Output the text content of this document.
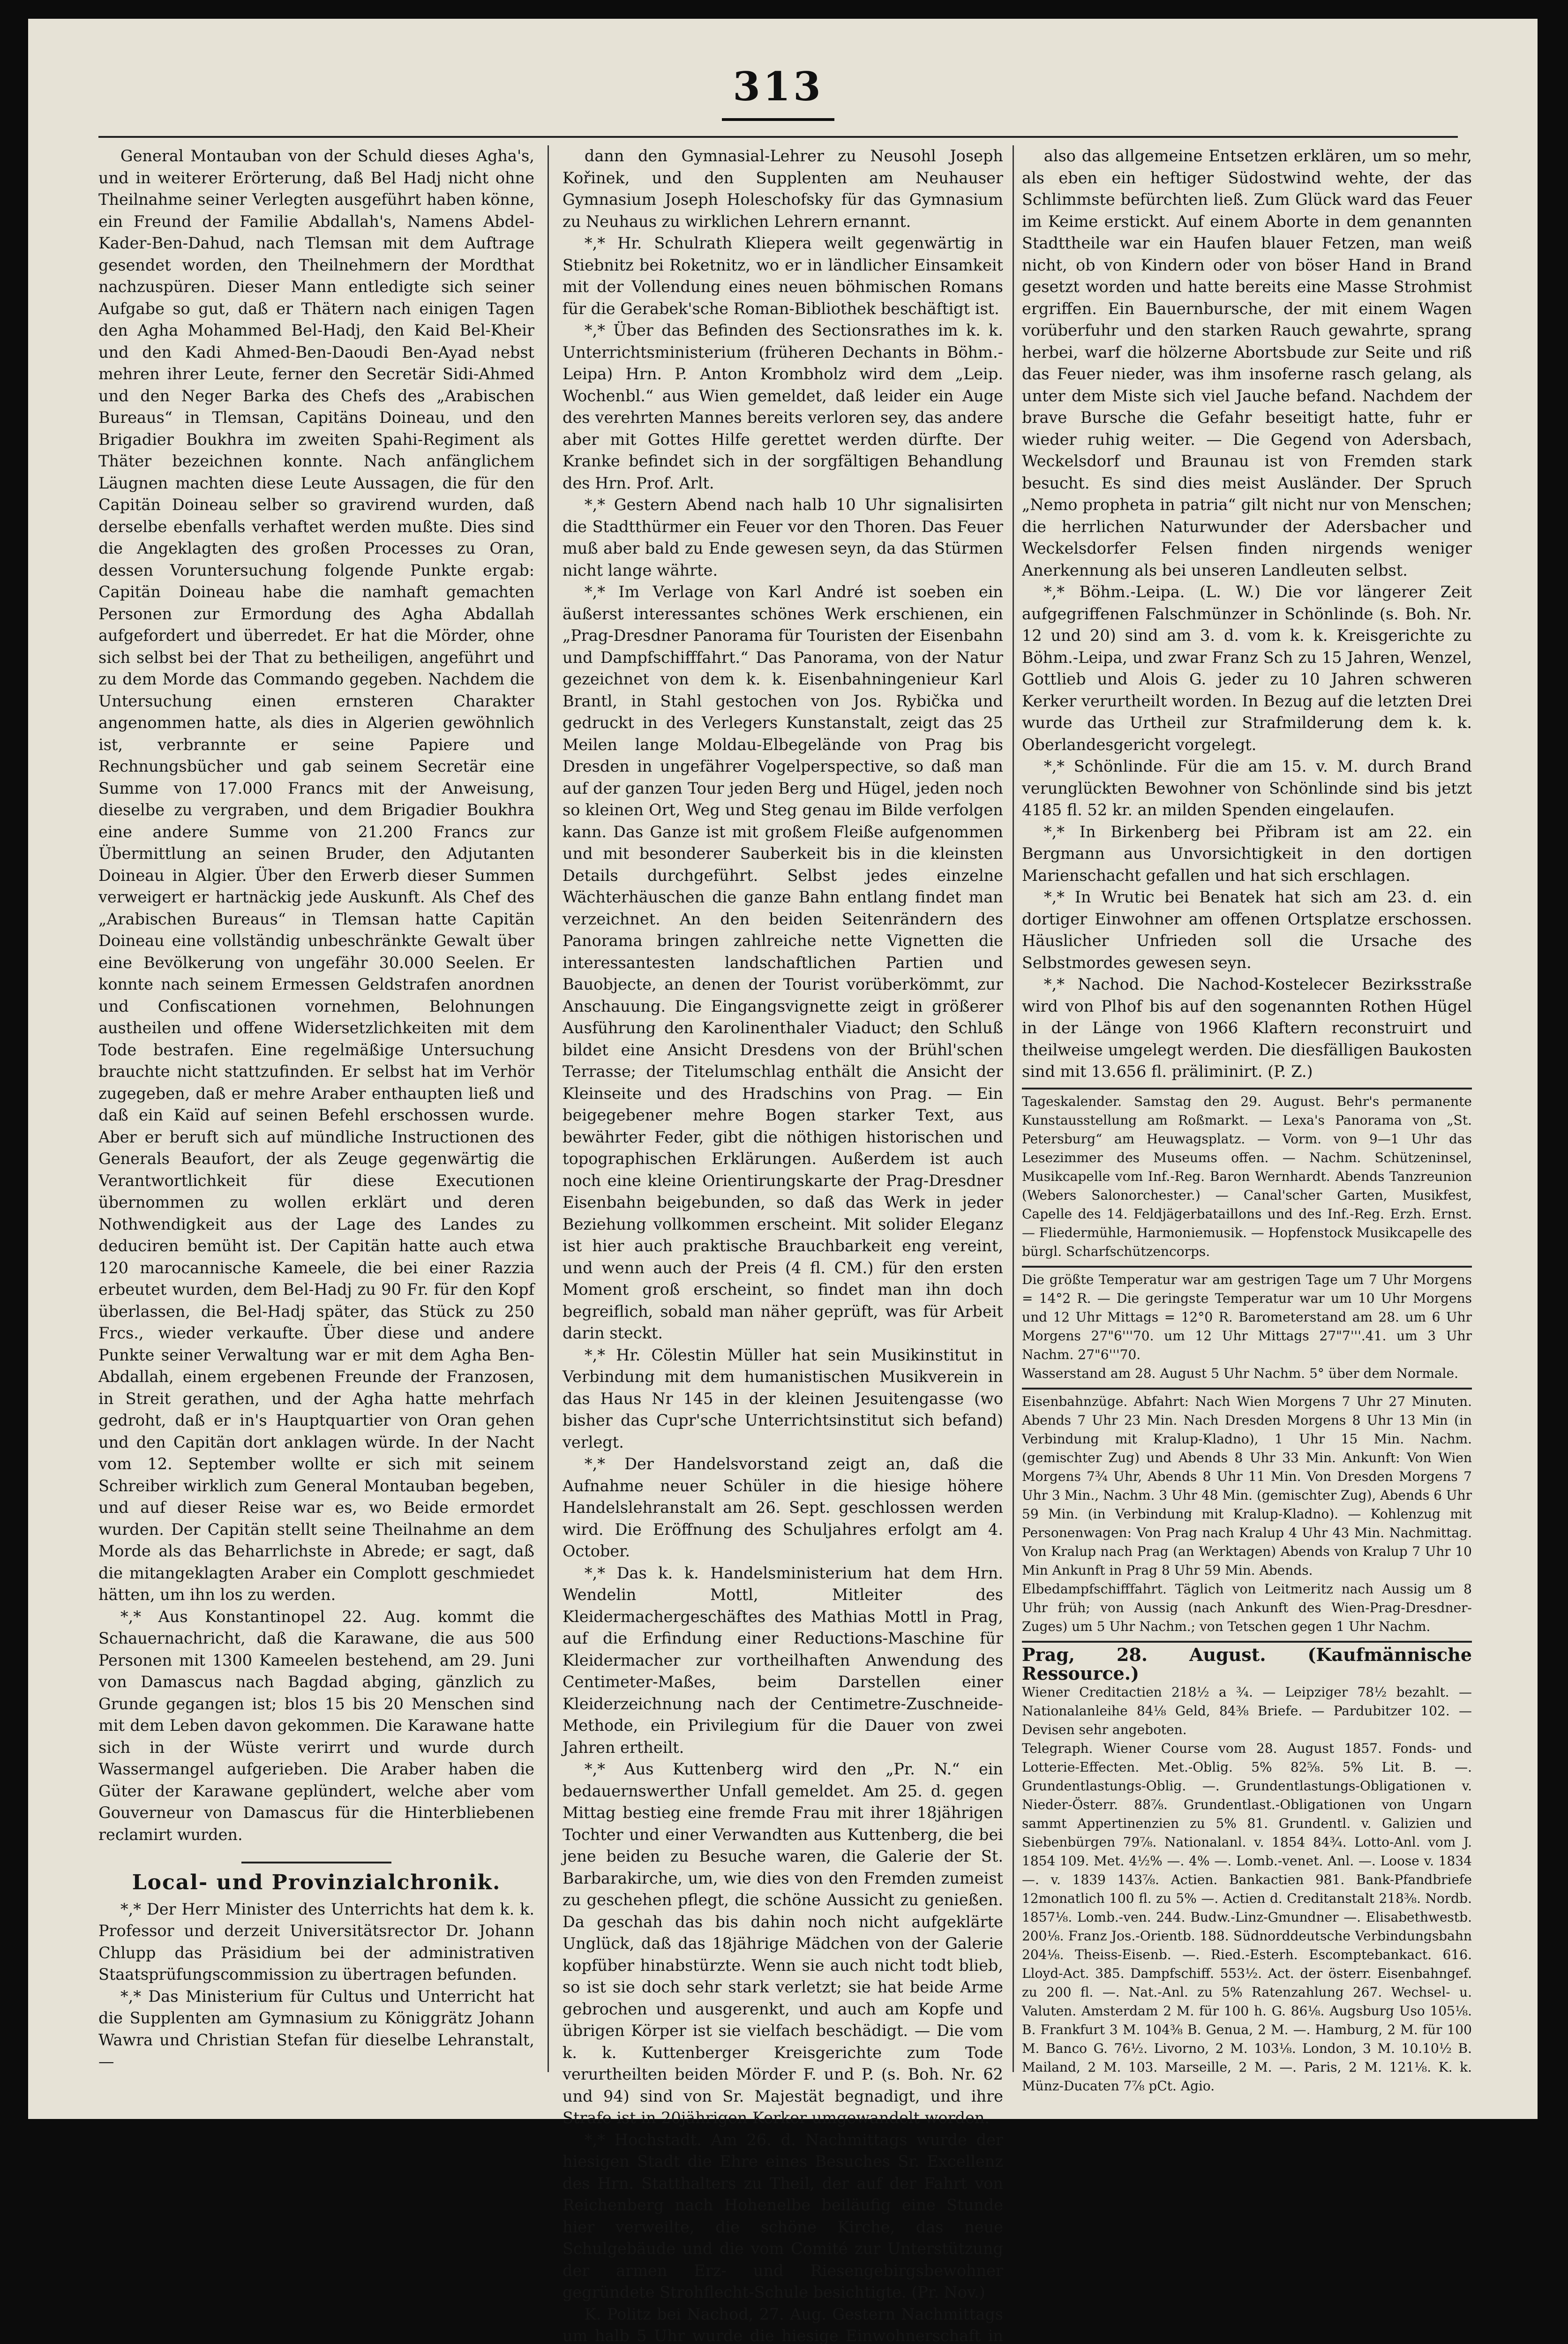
313

General Montauban von der Schuld dieses Agha's, und in weiterer Erörterung, daß Bel Hadj nicht ohne Theilnahme seiner Verlegten ausgeführt haben könne, ein Freund der Familie Abdallah's, Namens Abdel-Kader-Ben-Dahud, nach Tlemsan mit dem Auftrage gesendet worden, den Theilnehmern der Mordthat nachzuspüren. Dieser Mann entledigte sich seiner Aufgabe so gut, daß er Thätern nach einigen Tagen den Agha Mohammed Bel-Hadj, den Kaid Bel-Kheir und den Kadi Ahmed-Ben-Daoudi Ben-Ayad nebst mehren ihrer Leute, ferner den Secretär Sidi-Ahmed und den Neger Barka des Chefs des „Arabischen Bureaus“ in Tlemsan, Capitäns Doineau, und den Brigadier Boukhra im zweiten Spahi-Regiment als Thäter bezeichnen konnte. Nach anfänglichem Läugnen machten diese Leute Aussagen, die für den Capitän Doineau selber so gravirend wurden, daß derselbe ebenfalls verhaftet werden mußte. Dies sind die Angeklagten des großen Processes zu Oran, dessen Voruntersuchung folgende Punkte ergab: Capitän Doineau habe die namhaft gemachten Personen zur Ermordung des Agha Abdallah aufgefordert und überredet. Er hat die Mörder, ohne sich selbst bei der That zu betheiligen, angeführt und zu dem Morde das Commando gegeben. Nachdem die Untersuchung einen ernsteren Charakter angenommen hatte, als dies in Algerien gewöhnlich ist, verbrannte er seine Papiere und Rechnungsbücher und gab seinem Secretär eine Summe von 17.000 Francs mit der Anweisung, dieselbe zu vergraben, und dem Brigadier Boukhra eine andere Summe von 21.200 Francs zur Übermittlung an seinen Bruder, den Adjutanten Doineau in Algier. Über den Erwerb dieser Summen verweigert er hartnäckig jede Auskunft. Als Chef des „Arabischen Bureaus“ in Tlemsan hatte Capitän Doineau eine vollständig unbeschränkte Gewalt über eine Bevölkerung von ungefähr 30.000 Seelen. Er konnte nach seinem Ermessen Geldstrafen anordnen und Confiscationen vornehmen, Belohnungen austheilen und offene Widersetzlichkeiten mit dem Tode bestrafen. Eine regelmäßige Untersuchung brauchte nicht stattzufinden. Er selbst hat im Verhör zugegeben, daß er mehre Araber enthaupten ließ und daß ein Kaïd auf seinen Befehl erschossen wurde. Aber er beruft sich auf mündliche Instructionen des Generals Beaufort, der als Zeuge gegenwärtig die Verantwortlichkeit für diese Executionen übernommen zu wollen erklärt und deren Nothwendigkeit aus der Lage des Landes zu deduciren bemüht ist. Der Capitän hatte auch etwa 120 marocannische Kameele, die bei einer Razzia erbeutet wurden, dem Bel-Hadj zu 90 Fr. für den Kopf überlassen, die Bel-Hadj später, das Stück zu 250 Frcs., wieder verkaufte. Über diese und andere Punkte seiner Verwaltung war er mit dem Agha Ben-Abdallah, einem ergebenen Freunde der Franzosen, in Streit gerathen, und der Agha hatte mehrfach gedroht, daß er in's Hauptquartier von Oran gehen und den Capitän dort anklagen würde. In der Nacht vom 12. September wollte er sich mit seinem Schreiber wirklich zum General Montauban begeben, und auf dieser Reise war es, wo Beide ermordet wurden. Der Capitän stellt seine Theilnahme an dem Morde als das Beharrlichste in Abrede; er sagt, daß die mitangeklagten Araber ein Complott geschmiedet hätten, um ihn los zu werden.

*,* Aus Konstantinopel 22. Aug. kommt die Schauernachricht, daß die Karawane, die aus 500 Personen mit 1300 Kameelen bestehend, am 29. Juni von Damascus nach Bagdad abging, gänzlich zu Grunde gegangen ist; blos 15 bis 20 Menschen sind mit dem Leben davon gekommen. Die Karawane hatte sich in der Wüste verirrt und wurde durch Wassermangel aufgerieben. Die Araber haben die Güter der Karawane geplündert, welche aber vom Gouverneur von Damascus für die Hinterbliebenen reclamirt wurden.

Local- und Provinzialchronik.

*,* Der Herr Minister des Unterrichts hat dem k. k. Professor und derzeit Universitätsrector Dr. Johann Chlupp das Präsidium bei der administrativen Staatsprüfungscommission zu übertragen befunden.

*,* Das Ministerium für Cultus und Unterricht hat die Supplenten am Gymnasium zu Königgrätz Johann Wawra und Christian Stefan für dieselbe Lehranstalt, —

dann den Gymnasial-Lehrer zu Neusohl Joseph Kořinek, und den Supplenten am Neuhauser Gymnasium Joseph Holeschofsky für das Gymnasium zu Neuhaus zu wirklichen Lehrern ernannt.

*,* Hr. Schulrath Kliepera weilt gegenwärtig in Stiebnitz bei Roketnitz, wo er in ländlicher Einsamkeit mit der Vollendung eines neuen böhmischen Romans für die Gerabek'sche Roman-Bibliothek beschäftigt ist.

*,* Über das Befinden des Sectionsrathes im k. k. Unterrichtsministerium (früheren Dechants in Böhm.-Leipa) Hrn. P. Anton Krombholz wird dem „Leip. Wochenbl.“ aus Wien gemeldet, daß leider ein Auge des verehrten Mannes bereits verloren sey, das andere aber mit Gottes Hilfe gerettet werden dürfte. Der Kranke befindet sich in der sorgfältigen Behandlung des Hrn. Prof. Arlt.

*,* Gestern Abend nach halb 10 Uhr signalisirten die Stadtthürmer ein Feuer vor den Thoren. Das Feuer muß aber bald zu Ende gewesen seyn, da das Stürmen nicht lange währte.

*,* Im Verlage von Karl André ist soeben ein äußerst interessantes schönes Werk erschienen, ein „Prag-Dresdner Panorama für Touristen der Eisenbahn und Dampfschifffahrt.“ Das Panorama, von der Natur gezeichnet von dem k. k. Eisenbahningenieur Karl Brantl, in Stahl gestochen von Jos. Rybička und gedruckt in des Verlegers Kunstanstalt, zeigt das 25 Meilen lange Moldau-Elbegelände von Prag bis Dresden in ungefährer Vogelperspective, so daß man auf der ganzen Tour jeden Berg und Hügel, jeden noch so kleinen Ort, Weg und Steg genau im Bilde verfolgen kann. Das Ganze ist mit großem Fleiße aufgenommen und mit besonderer Sauberkeit bis in die kleinsten Details durchgeführt. Selbst jedes einzelne Wächterhäuschen die ganze Bahn entlang findet man verzeichnet. An den beiden Seitenrändern des Panorama bringen zahlreiche nette Vignetten die interessantesten landschaftlichen Partien und Bauobjecte, an denen der Tourist vorüberkömmt, zur Anschauung. Die Eingangsvignette zeigt in größerer Ausführung den Karolinenthaler Viaduct; den Schluß bildet eine Ansicht Dresdens von der Brühl'schen Terrasse; der Titelumschlag enthält die Ansicht der Kleinseite und des Hradschins von Prag. — Ein beigegebener mehre Bogen starker Text, aus bewährter Feder, gibt die nöthigen historischen und topographischen Erklärungen. Außerdem ist auch noch eine kleine Orientirungskarte der Prag-Dresdner Eisenbahn beigebunden, so daß das Werk in jeder Beziehung vollkommen erscheint. Mit solider Eleganz ist hier auch praktische Brauchbarkeit eng vereint, und wenn auch der Preis (4 fl. CM.) für den ersten Moment groß erscheint, so findet man ihn doch begreiflich, sobald man näher geprüft, was für Arbeit darin steckt.

*,* Hr. Cölestin Müller hat sein Musikinstitut in Verbindung mit dem humanistischen Musikverein in das Haus Nr 145 in der kleinen Jesuitengasse (wo bisher das Cupr'sche Unterrichtsinstitut sich befand) verlegt.

*,* Der Handelsvorstand zeigt an, daß die Aufnahme neuer Schüler in die hiesige höhere Handelslehranstalt am 26. Sept. geschlossen werden wird. Die Eröffnung des Schuljahres erfolgt am 4. October.

*,* Das k. k. Handelsministerium hat dem Hrn. Wendelin Mottl, Mitleiter des Kleidermachergeschäftes des Mathias Mottl in Prag, auf die Erfindung einer Reductions-Maschine für Kleidermacher zur vortheilhaften Anwendung des Centimeter-Maßes, beim Darstellen einer Kleiderzeichnung nach der Centimetre-Zuschneide-Methode, ein Privilegium für die Dauer von zwei Jahren ertheilt.

*,* Aus Kuttenberg wird den „Pr. N.“ ein bedauernswerther Unfall gemeldet. Am 25. d. gegen Mittag bestieg eine fremde Frau mit ihrer 18jährigen Tochter und einer Verwandten aus Kuttenberg, die bei jene beiden zu Besuche waren, die Galerie der St. Barbarakirche, um, wie dies von den Fremden zumeist zu geschehen pflegt, die schöne Aussicht zu genießen. Da geschah das bis dahin noch nicht aufgeklärte Unglück, daß das 18jährige Mädchen von der Galerie kopfüber hinabstürzte. Wenn sie auch nicht todt blieb, so ist sie doch sehr stark verletzt; sie hat beide Arme gebrochen und ausgerenkt, und auch am Kopfe und übrigen Körper ist sie vielfach beschädigt. — Die vom k. k. Kuttenberger Kreisgerichte zum Tode verurtheilten beiden Mörder F. und P. (s. Boh. Nr. 62 und 94) sind von Sr. Majestät begnadigt, und ihre Strafe ist in 20jährigen Kerker umgewandelt worden.

*,* Hochstadt. Am 26. d. Nachmittags wurde der hiesigen Stadt die Ehre eines Besuches Sr. Excellenz des Hrn. Statthalters zu Theil, der auf der Fahrt von Reichenberg nach Hohenelbe beiläufig eine Stunde hier verweilte, die schöne Kirche, das neue Schulgebäude und die vom Comité zur Unterstützung der armen Erz- und Riesengebirgsbewohner gegründete Strohflecht-Schule besichtigte. (Pr. Nov.)

K. Politz bei Nachod, 27. Aug. Gestern Nachmittags um halb 5 Uhr wurde die hiesige Einwohnerschaft in

also das allgemeine Entsetzen erklären, um so mehr, als eben ein heftiger Südostwind wehte, der das Schlimmste befürchten ließ. Zum Glück ward das Feuer im Keime erstickt. Auf einem Aborte in dem genannten Stadttheile war ein Haufen blauer Fetzen, man weiß nicht, ob von Kindern oder von böser Hand in Brand gesetzt worden und hatte bereits eine Masse Strohmist ergriffen. Ein Bauernbursche, der mit einem Wagen vorüberfuhr und den starken Rauch gewahrte, sprang herbei, warf die hölzerne Abortsbude zur Seite und riß das Feuer nieder, was ihm insoferne rasch gelang, als unter dem Miste sich viel Jauche befand. Nachdem der brave Bursche die Gefahr beseitigt hatte, fuhr er wieder ruhig weiter. — Die Gegend von Adersbach, Weckelsdorf und Braunau ist von Fremden stark besucht. Es sind dies meist Ausländer. Der Spruch „Nemo propheta in patria“ gilt nicht nur von Menschen; die herrlichen Naturwunder der Adersbacher und Weckelsdorfer Felsen finden nirgends weniger Anerkennung als bei unseren Landleuten selbst.

*,* Böhm.-Leipa. (L. W.) Die vor längerer Zeit aufgegriffenen Falschmünzer in Schönlinde (s. Boh. Nr. 12 und 20) sind am 3. d. vom k. k. Kreisgerichte zu Böhm.-Leipa, und zwar Franz Sch zu 15 Jahren, Wenzel, Gottlieb und Alois G. jeder zu 10 Jahren schweren Kerker verurtheilt worden. In Bezug auf die letzten Drei wurde das Urtheil zur Strafmilderung dem k. k. Oberlandesgericht vorgelegt.

*,* Schönlinde. Für die am 15. v. M. durch Brand verunglückten Bewohner von Schönlinde sind bis jetzt 4185 fl. 52 kr. an milden Spenden eingelaufen.

*,* In Birkenberg bei Přibram ist am 22. ein Bergmann aus Unvorsichtigkeit in den dortigen Marienschacht gefallen und hat sich erschlagen.

*,* In Wrutic bei Benatek hat sich am 23. d. ein dortiger Einwohner am offenen Ortsplatze erschossen. Häuslicher Unfrieden soll die Ursache des Selbstmordes gewesen seyn.

*,* Nachod. Die Nachod-Kostelecer Bezirksstraße wird von Plhof bis auf den sogenannten Rothen Hügel in der Länge von 1966 Klaftern reconstruirt und theilweise umgelegt werden. Die diesfälligen Baukosten sind mit 13.656 fl. präliminirt. (P. Z.)

Tageskalender. Samstag den 29. August. Behr's permanente Kunstausstellung am Roßmarkt. — Lexa's Panorama von „St. Petersburg“ am Heuwagsplatz. — Vorm. von 9—1 Uhr das Lesezimmer des Museums offen. — Nachm. Schützeninsel, Musikcapelle vom Inf.-Reg. Baron Wernhardt. Abends Tanzreunion (Webers Salonorchester.) — Canal'scher Garten, Musikfest, Capelle des 14. Feldjägerbataillons und des Inf.-Reg. Erzh. Ernst. — Fliedermühle, Harmoniemusik. — Hopfenstock Musikcapelle des bürgl. Scharfschützencorps.

Die größte Temperatur war am gestrigen Tage um 7 Uhr Morgens = 14°2 R. — Die geringste Temperatur war um 10 Uhr Morgens und 12 Uhr Mittags = 12°0 R. Barometerstand am 28. um 6 Uhr Morgens 27"6'''70. um 12 Uhr Mittags 27"7'''.41. um 3 Uhr Nachm. 27"6'''70.

Wasserstand am 28. August 5 Uhr Nachm. 5° über dem Normale.

Eisenbahnzüge. Abfahrt: Nach Wien Morgens 7 Uhr 27 Minuten. Abends 7 Uhr 23 Min. Nach Dresden Morgens 8 Uhr 13 Min (in Verbindung mit Kralup-Kladno), 1 Uhr 15 Min. Nachm. (gemischter Zug) und Abends 8 Uhr 33 Min. Ankunft: Von Wien Morgens 7¾ Uhr, Abends 8 Uhr 11 Min. Von Dresden Morgens 7 Uhr 3 Min., Nachm. 3 Uhr 48 Min. (gemischter Zug), Abends 6 Uhr 59 Min. (in Verbindung mit Kralup-Kladno). — Kohlenzug mit Personenwagen: Von Prag nach Kralup 4 Uhr 43 Min. Nachmittag. Von Kralup nach Prag (an Werktagen) Abends von Kralup 7 Uhr 10 Min Ankunft in Prag 8 Uhr 59 Min. Abends.

Elbedampfschifffahrt. Täglich von Leitmeritz nach Aussig um 8 Uhr früh; von Aussig (nach Ankunft des Wien-Prag-Dresdner-Zuges) um 5 Uhr Nachm.; von Tetschen gegen 1 Uhr Nachm.

Prag, 28. August. (Kaufmännische Ressource.)

Wiener Creditactien 218½ a ¾. — Leipziger 78½ bezahlt. — Nationalanleihe 84⅛ Geld, 84⅜ Briefe. — Pardubitzer 102. — Devisen sehr angeboten.

Telegraph. Wiener Course vom 28. August 1857. Fonds- und Lotterie-Effecten. Met.-Oblig. 5% 82⅝. 5% Lit. B. —. Grundentlastungs-Oblig. —. Grundentlastungs-Obligationen v. Nieder-Österr. 88⅞. Grundentlast.-Obligationen von Ungarn sammt Appertinenzien zu 5% 81. Grundentl. v. Galizien und Siebenbürgen 79⅞. Nationalanl. v. 1854 84¾. Lotto-Anl. vom J. 1854 109. Met. 4½% —. 4% —. Lomb.-venet. Anl. —. Loose v. 1834 —. v. 1839 143⅞. Actien. Bankactien 981. Bank-Pfandbriefe 12monatlich 100 fl. zu 5% —. Actien d. Creditanstalt 218⅜. Nordb. 1857⅛. Lomb.-ven. 244. Budw.-Linz-Gmundner —. Elisabethwestb. 200⅛. Franz Jos.-Orientb. 188. Südnorddeutsche Verbindungsbahn 204⅛. Theiss-Eisenb. —. Ried.-Esterh. Escomptebankact. 616. Lloyd-Act. 385. Dampfschiff. 553½. Act. der österr. Eisenbahngef. zu 200 fl. —. Nat.-Anl. zu 5% Ratenzahlung 267. Wechsel- u. Valuten. Amsterdam 2 M. für 100 h. G. 86⅛. Augsburg Uso 105⅛. B. Frankfurt 3 M. 104⅜ B. Genua, 2 M. —. Hamburg, 2 M. für 100 M. Banco G. 76½. Livorno, 2 M. 103⅛. London, 3 M. 10.10½ B. Mailand, 2 M. 103. Marseille, 2 M. —. Paris, 2 M. 121⅛. K. k. Münz-Ducaten 7⅞ pCt. Agio.
